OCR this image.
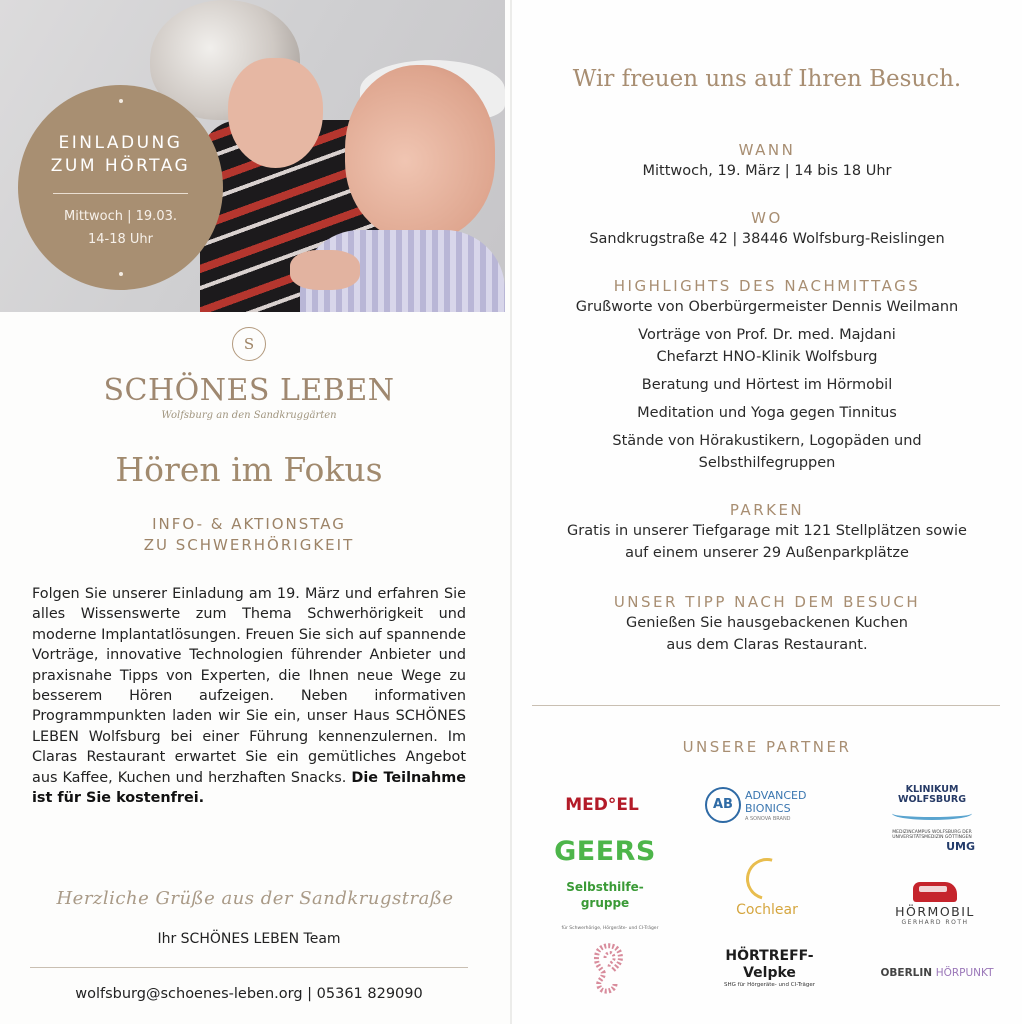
EINLADUNG
ZUM HÖRTAG
Mittwoch | 19.03.
14-18 Uhr
S
SCHÖNES LEBEN
Wolfsburg an den Sandkruggärten
Hören im Fokus
INFO- & AKTIONSTAG
ZU SCHWERHÖRIGKEIT
Folgen Sie unserer Einladung am 19. März und erfahren Sie alles Wissenswerte zum Thema Schwerhörigkeit und moderne Implantatlösungen. Freuen Sie sich auf spannende Vorträge, innovative Technologien führender Anbieter und praxisnahe Tipps von Experten, die Ihnen neue Wege zu besserem Hören aufzeigen. Neben informativen Programmpunkten laden wir Sie ein, unser Haus SCHÖNES LEBEN Wolfsburg bei einer Führung kennenzulernen. Im Claras Restaurant erwartet Sie ein gemütliches Angebot aus Kaffee, Kuchen und herzhaften Snacks. Die Teilnahme ist für Sie kostenfrei.
Herzliche Grüße aus der Sandkrugstraße
Ihr SCHÖNES LEBEN Team
wolfsburg@schoenes-leben.org | 05361 829090
Wir freuen uns auf Ihren Besuch.
WANN
Mittwoch, 19. März | 14 bis 18 Uhr
WO
Sandkrugstraße 42 | 38446 Wolfsburg-Reislingen
HIGHLIGHTS DES NACHMITTAGS
Grußworte von Oberbürgermeister Dennis Weilmann
Vorträge von Prof. Dr. med. Majdani
Chefarzt HNO-Klinik Wolfsburg
Beratung und Hörtest im Hörmobil
Meditation und Yoga gegen Tinnitus
Stände von Hörakustikern, Logopäden und
Selbsthilfegruppen
PARKEN
Gratis in unserer Tiefgarage mit 121 Stellplätzen sowie
auf einem unserer 29 Außenparkplätze
UNSER TIPP NACH DEM BESUCH
Genießen Sie hausgebackenen Kuchen
aus dem Claras Restaurant.
UNSERE PARTNER
MED°EL	AB
ADVANCED
BIONICS
A SONOVA BRAND
KLINIKUM
WOLFSBURG
MEDIZINCAMPUS WOLFSBURG DER UNIVERSITÄTSMEDIZIN GÖTTINGEN
UMG
GEERS
Selbsthilfe-
gruppe
für Schwerhörige, Hörgeräte- und CI-Träger
Cochlear	HÖRMOBIL
GERHARD ROTH
HÖRTREFF-
Velpke
SHG für Hörgeräte- und CI-Träger
OBERLIN HÖRPUNKT
